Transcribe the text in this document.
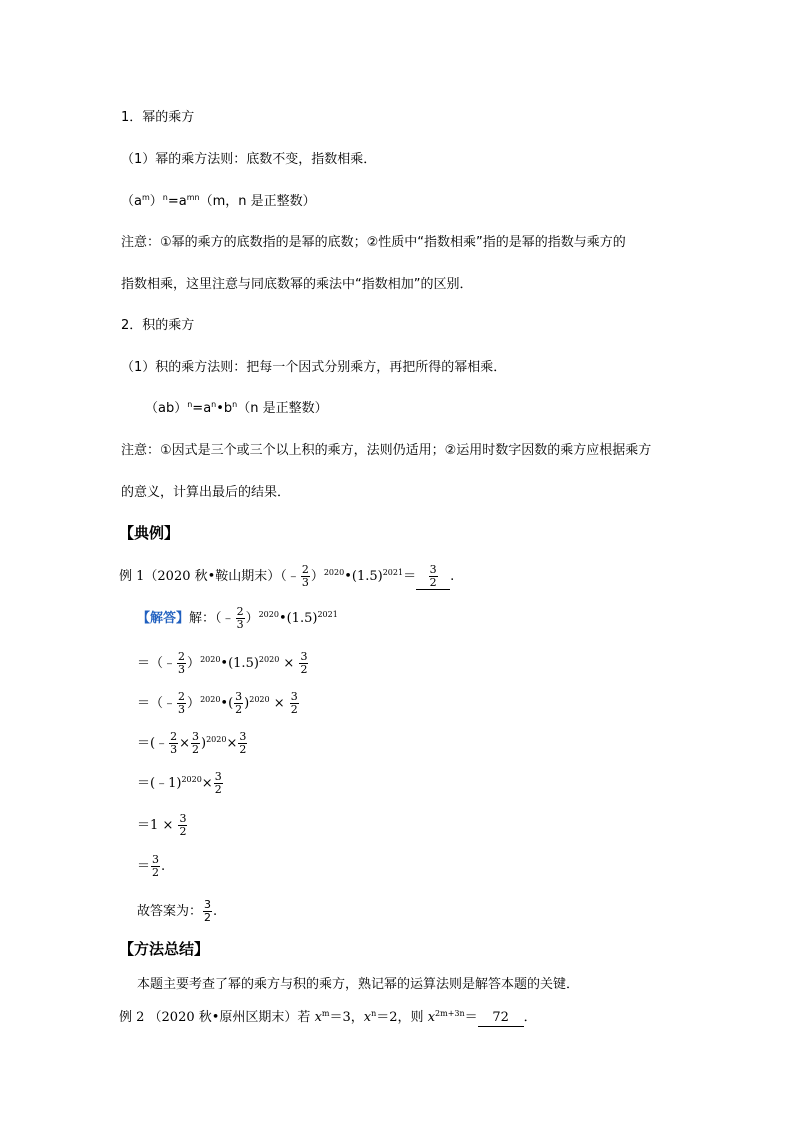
1．幂的乘方
（1）幂的乘方法则：底数不变，指数相乘．
$(a^m)^n=a^{mn}(m$，n 是正整数）
注意：①幂的乘方的底数指的是幂的底数；②性质中“指数相乘”指的是幂的指数与乘方的
指数相乘，这里注意与同底数幂的乘法中“指数相加”的区别．
2．积的乘方
（1）积的乘方法则：把每一个因式分别乘方，再把所得的幂相乘．
$(ab)^n=a^n•b^n(n$ 是正整数）
注意：①因式是三个或三个以上积的乘方，法则仍适用；②运用时数字因数的乘方应根据乘方
的意义，计算出最后的结果．
【典例】
例 1（2020 秋•鞍山期末）（﹣ $\frac{2}{3}$ ）$^{2020}•(1.5)^{2021}= \frac{3}{2}$ .
【解答】解：（﹣ $\frac{2}{3}$ ）$^{2020}•(1.5)^{2021}$
＝（﹣ $\frac{2}{3}$ ）$^{2020}•(1.5)^{2020} \times \frac{3}{2}$
＝（﹣ $\frac{2}{3}$ ）$^{2020}$•( $\frac{3}{2} )^{2020} \times \frac{3}{2}$
＝(﹣ $\frac{2}{3} \times \frac{3}{2} )^{2020}\times \frac{3}{2}$
＝(﹣1)$^{2020}$× $\frac{3}{2}$
$=1 \times \frac{3}{2}$
＝ $\frac{3}{2}$ .
故答案为： $\frac{3}{2}$ .
【方法总结】
本题主要考查了幂的乘方与积的乘方，熟记幂的运算法则是解答本题的关键．
例 2 （2020 秋•原州区期末）若 $x^m=3$，$x^n=2$，则 $x^{2m+3n}= 72$ ．
